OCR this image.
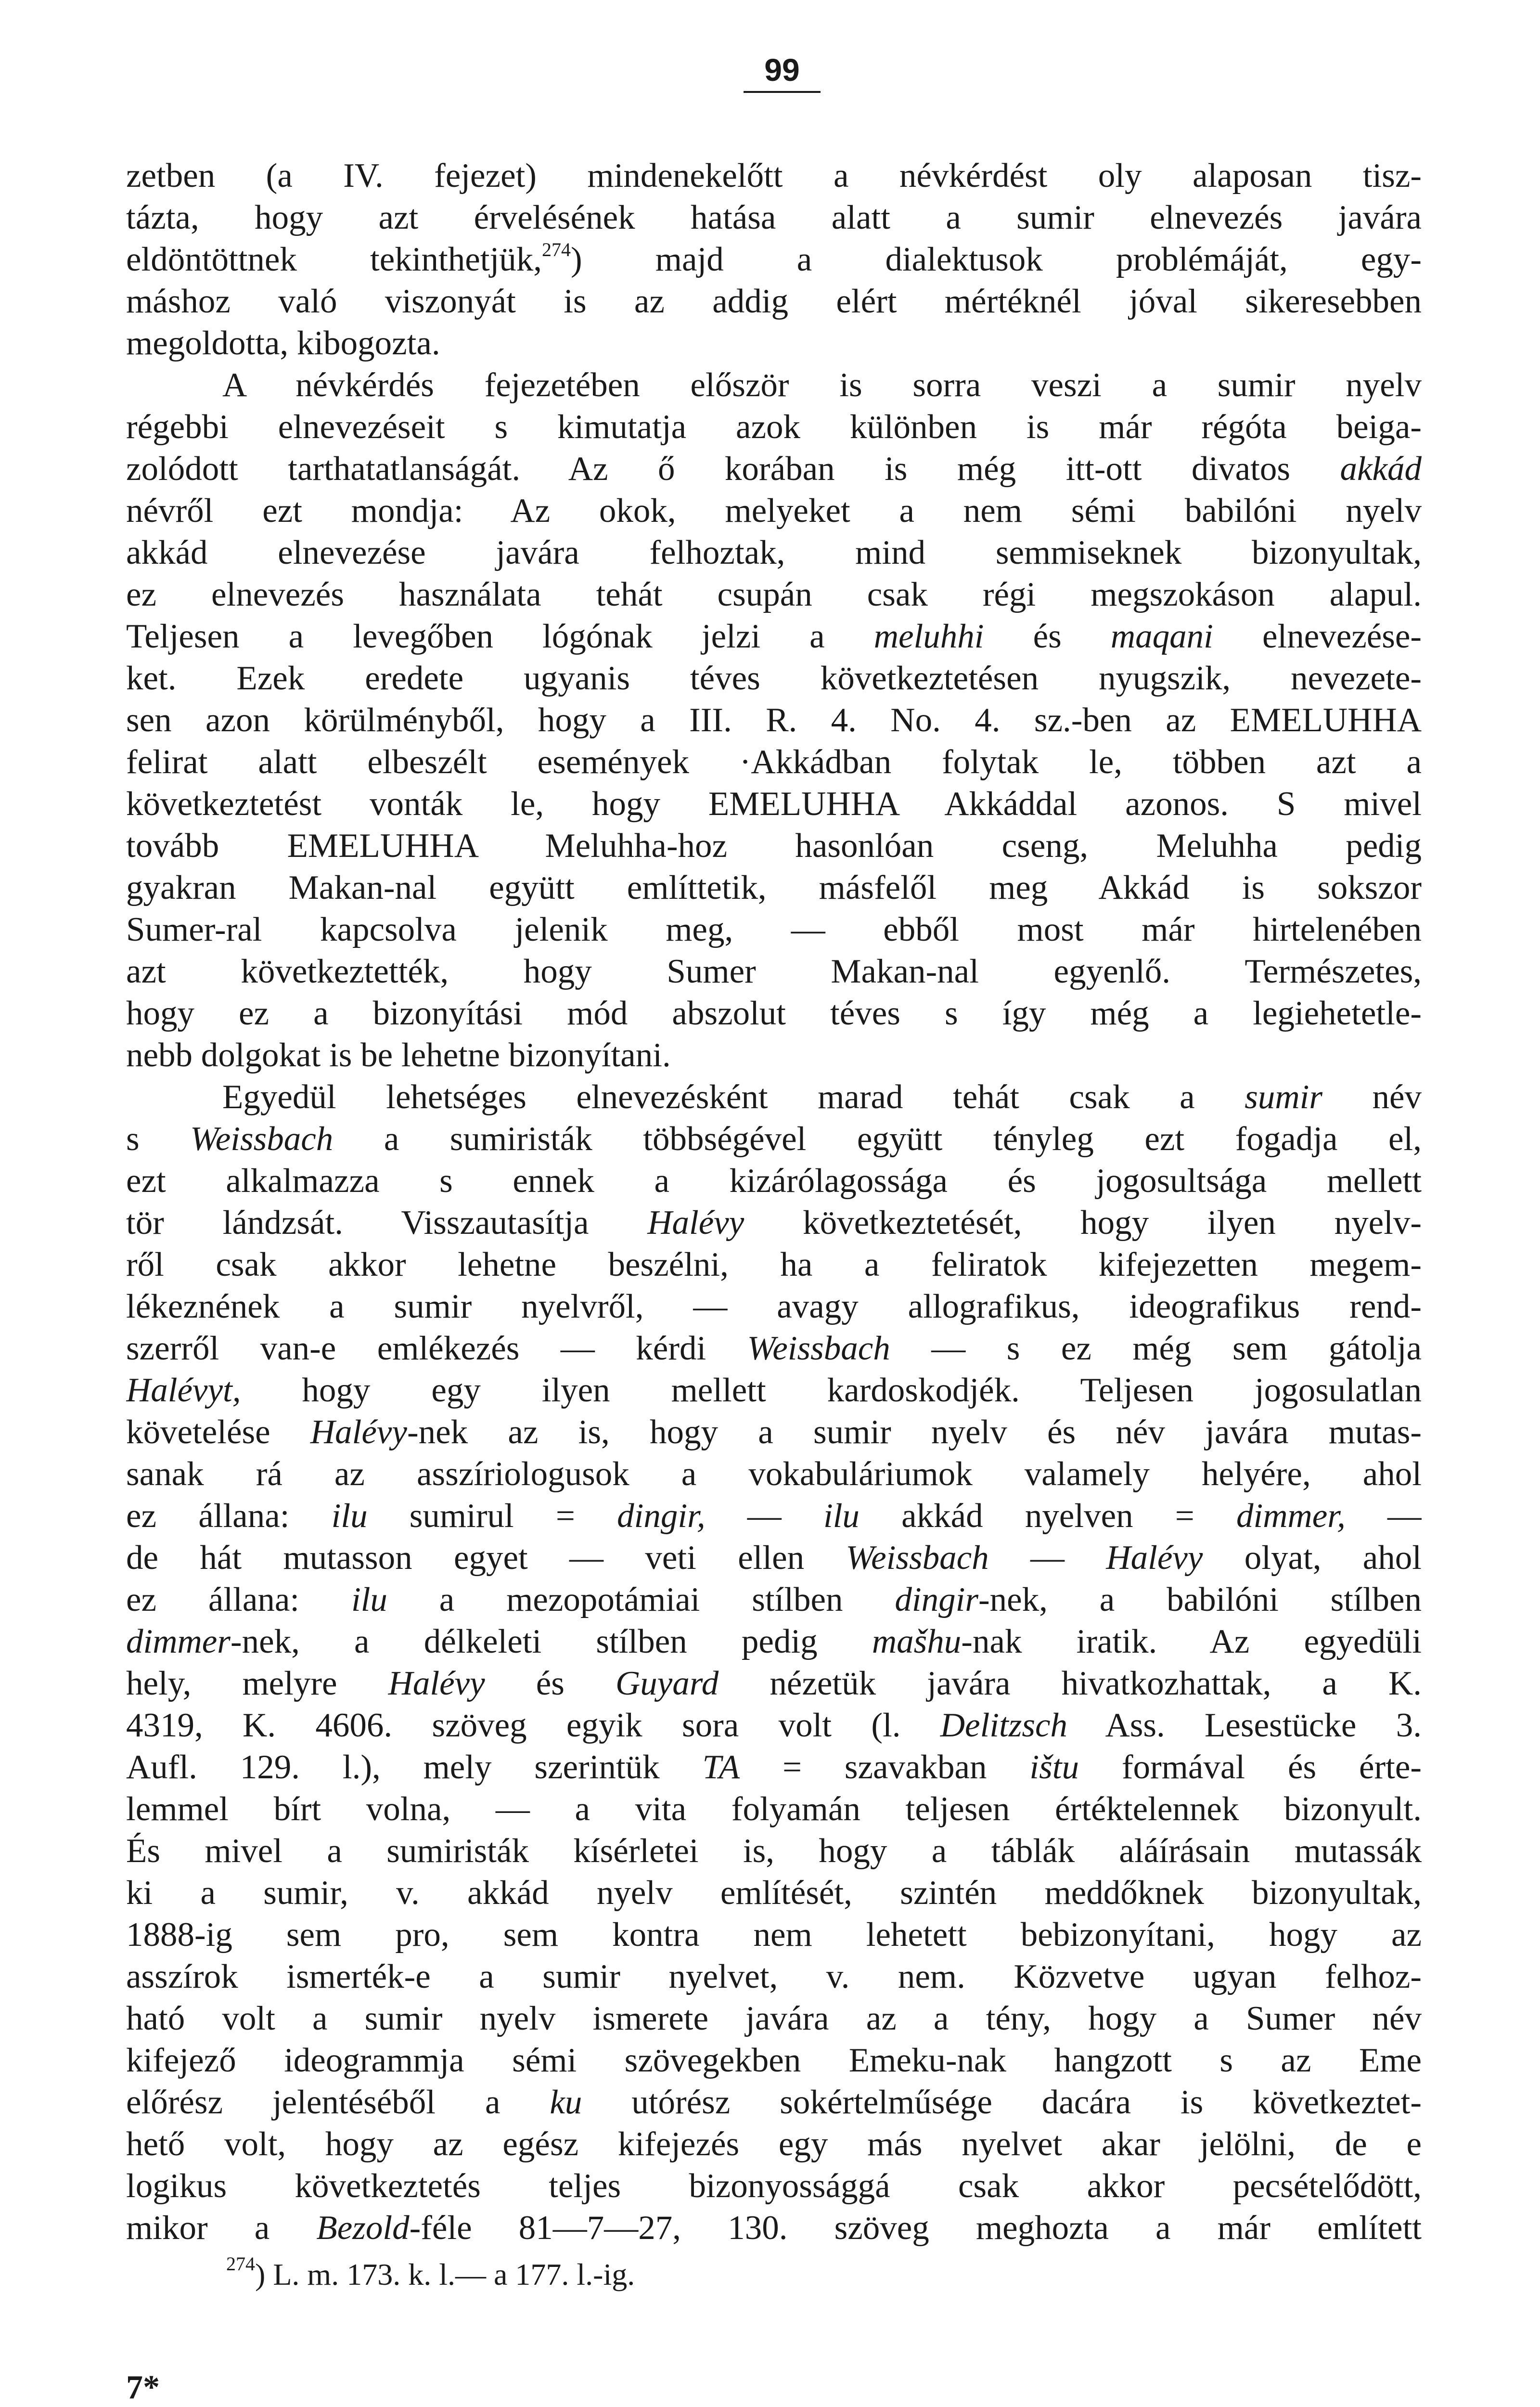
99
zetben (a IV. fejezet) mindenekelőtt a névkérdést oly alaposan tisz-
tázta, hogy azt érvelésének hatása alatt a sumir elnevezés javára
eldöntöttnek tekinthetjük,$^{274}$) majd a dialektusok problémáját, egy-
máshoz való viszonyát is az addig elért mértéknél jóval sikeresebben
megoldotta, kibogozta.
A névkérdés fejezetében először is sorra veszi a sumir nyelv
régebbi elnevezéseit s kimutatja azok különben is már régóta beiga-
zolódott tarthatatlanságát. Az ő korában is még itt-ott divatos akkád
névről ezt mondja: Az okok, melyeket a nem sémi babilóni nyelv
akkád elnevezése javára felhoztak, mind semmiseknek bizonyultak,
ez elnevezés használata tehát csupán csak régi megszokáson alapul.
Teljesen a levegőben lógónak jelzi a meluhhi és maqani elnevezése-
ket. Ezek eredete ugyanis téves következtetésen nyugszik, nevezete-
sen azon körülményből, hogy a III. R. 4. No. 4. sz.-ben az EMELUHHA
felirat alatt elbeszélt események ·Akkádban folytak le, többen azt a
következtetést vonták le, hogy EMELUHHA Akkáddal azonos. S mivel
tovább EMELUHHA Meluhha-hoz hasonlóan cseng, Meluhha pedig
gyakran Makan-nal együtt említtetik, másfelől meg Akkád is sokszor
Sumer-ral kapcsolva jelenik meg, — ebből most már hirtelenében
azt következtették, hogy Sumer Makan-nal egyenlő. Természetes,
hogy ez a bizonyítási mód abszolut téves s így még a legiehetetle-
nebb dolgokat is be lehetne bizonyítani.
Egyedül lehetséges elnevezésként marad tehát csak a sumir név
s Weissbach a sumiristák többségével együtt tényleg ezt fogadja el,
ezt alkalmazza s ennek a kizárólagossága és jogosultsága mellett
tör lándzsát. Visszautasítja Halévy következtetését, hogy ilyen nyelv-
ről csak akkor lehetne beszélni, ha a feliratok kifejezetten megem-
lékeznének a sumir nyelvről, — avagy allografikus, ideografikus rend-
szerről van-e emlékezés — kérdi Weissbach — s ez még sem gátolja
Halévyt, hogy egy ilyen mellett kardoskodjék. Teljesen jogosulatlan
követelése Halévy-nek az is, hogy a sumir nyelv és név javára mutas-
sanak rá az asszíriologusok a vokabuláriumok valamely helyére, ahol
ez állana: ilu sumirul = dingir, — ilu akkád nyelven = dimmer, —
de hát mutasson egyet — veti ellen Weissbach — Halévy olyat, ahol
ez állana: ilu a mezopotámiai stílben dingir-nek, a babilóni stílben
dimmer-nek, a délkeleti stílben pedig mašhu-nak iratik. Az egyedüli
hely, melyre Halévy és Guyard nézetük javára hivatkozhattak, a K.
4319, K. 4606. szöveg egyik sora volt (l. Delitzsch Ass. Lesestücke 3.
Aufl. 129. l.), mely szerintük TA = szavakban ištu formával és érte-
lemmel bírt volna, — a vita folyamán teljesen értéktelennek bizonyult.
És mivel a sumiristák kísérletei is, hogy a táblák aláírásain mutassák
ki a sumir, v. akkád nyelv említését, szintén meddőknek bizonyultak,
1888-ig sem pro, sem kontra nem lehetett bebizonyítani, hogy az
asszírok ismerték-e a sumir nyelvet, v. nem. Közvetve ugyan felhoz-
ható volt a sumir nyelv ismerete javára az a tény, hogy a Sumer név
kifejező ideogrammja sémi szövegekben Emeku-nak hangzott s az Eme
előrész jelentéséből a ku utórész sokértelműsége dacára is következtet-
hető volt, hogy az egész kifejezés egy más nyelvet akar jelölni, de e
logikus következtetés teljes bizonyossággá csak akkor pecsételődött,
mikor a Bezold-féle 81—7—27, 130. szöveg meghozta a már említett
$^{274}$) L. m. 173. k. l.— a 177. l.-ig.
7*
